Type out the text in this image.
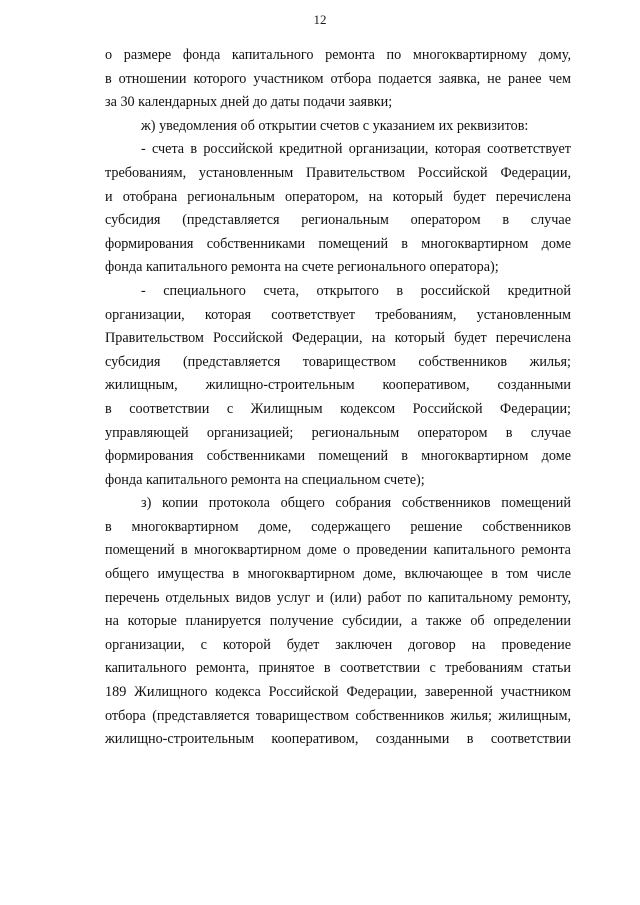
12
о размере фонда капитального ремонта по многоквартирному дому,
в отношении которого участником отбора подается заявка, не ранее чем
за 30 календарных дней до даты подачи заявки;
ж) уведомления об открытии счетов с указанием их реквизитов:
- счета в российской кредитной организации, которая соответствует
требованиям, установленным Правительством Российской Федерации,
и отобрана региональным оператором, на который будет перечислена
субсидия (представляется региональным оператором в случае
формирования собственниками помещений в многоквартирном доме
фонда капитального ремонта на счете регионального оператора);
- специального счета, открытого в российской кредитной
организации, которая соответствует требованиям, установленным
Правительством Российской Федерации, на который будет перечислена
субсидия (представляется товариществом собственников жилья;
жилищным, жилищно-строительным кооперативом, созданными
в соответствии с Жилищным кодексом Российской Федерации;
управляющей организацией; региональным оператором в случае
формирования собственниками помещений в многоквартирном доме
фонда капитального ремонта на специальном счете);
з) копии протокола общего собрания собственников помещений
в многоквартирном доме, содержащего решение собственников
помещений в многоквартирном доме о проведении капитального ремонта
общего имущества в многоквартирном доме, включающее в том числе
перечень отдельных видов услуг и (или) работ по капитальному ремонту,
на которые планируется получение субсидии, а также об определении
организации, с которой будет заключен договор на проведение
капитального ремонта, принятое в соответствии с требованиям статьи
189 Жилищного кодекса Российской Федерации, заверенной участником
отбора (представляется товариществом собственников жилья; жилищным,
жилищно-строительным кооперативом, созданными в соответствии
